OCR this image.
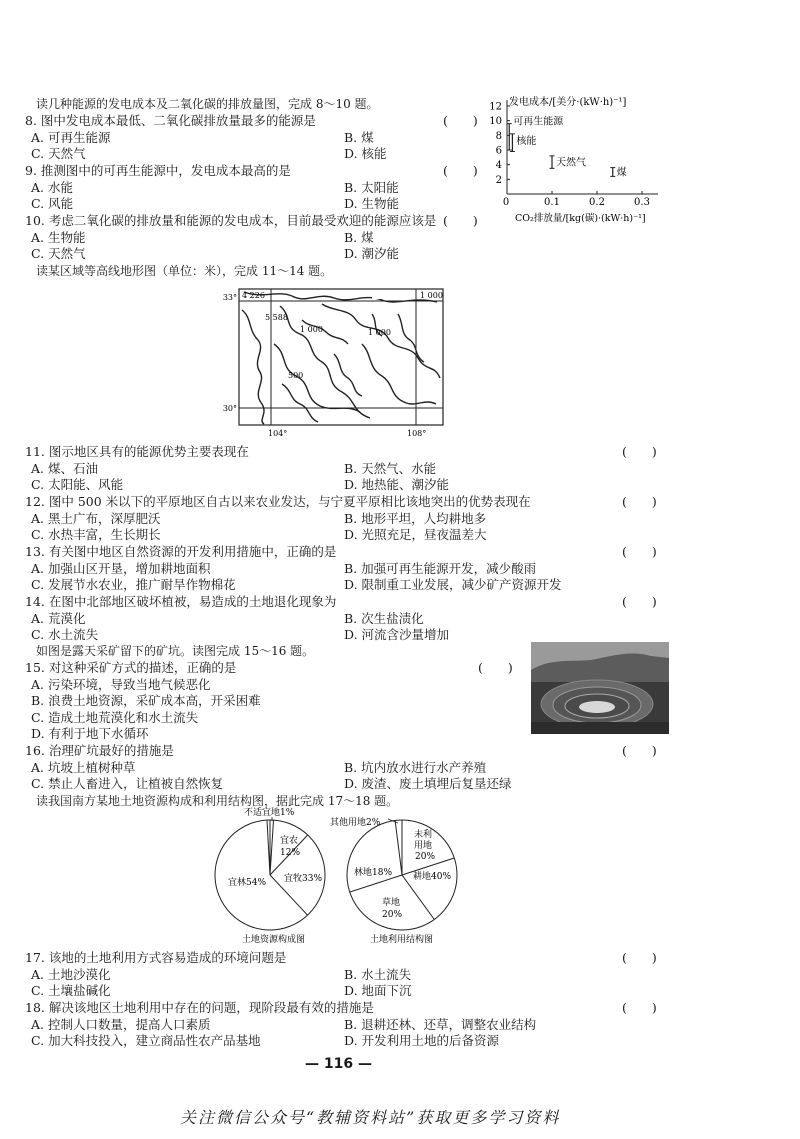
读几种能源的发电成本及二氧化碳的排放量图，完成 8～10 题。
8. 图中发电成本最低、二氧化碳排放量最多的能源是	(　　)
A. 可再生能源	B. 煤
C. 天然气	D. 核能
9. 推测图中的可再生能源中，发电成本最高的是	(　　)
A. 水能	B. 太阳能
C. 风能	D. 生物能
10. 考虑二氧化碳的排放量和能源的发电成本，目前最受欢迎的能源应该是 (　　)
A. 生物能	B. 煤
C. 天然气	D. 潮汐能
2
4
6
8
10
12
0	0.1	0.2	0.3
可再生能源
核能
天然气
煤
发电成本/[美分·(kW·h)⁻¹]
CO₂排放量/[kg(碳)·(kW·h)⁻¹]
读某区域等高线地形图（单位：米），完成 11～14 题。
33°
30°
104°	108°
4 226
5 588
1 000
1 000
1 000
500
11. 图示地区具有的能源优势主要表现在	(　　)
A. 煤、石油	B. 天然气、水能
C. 太阳能、风能	D. 地热能、潮汐能
12. 图中 500 米以下的平原地区自古以来农业发达，与宁夏平原相比该地突出的优势表现在	(　　)
A. 黑土广布，深厚肥沃	B. 地形平坦，人均耕地多
C. 水热丰富，生长期长	D. 光照充足，昼夜温差大
13. 有关图中地区自然资源的开发利用措施中，正确的是	(　　)
A. 加强山区开垦，增加耕地面积	B. 加强可再生能源开发，减少酸雨
C. 发展节水农业，推广耐旱作物棉花	D. 限制重工业发展，减少矿产资源开发
14. 在图中北部地区破坏植被，易造成的土地退化现象为	(　　)
A. 荒漠化	B. 次生盐渍化
C. 水土流失	D. 河流含沙量增加
如图是露天采矿留下的矿坑。读图完成 15～16 题。
15. 对这种采矿方式的描述，正确的是	(　　)
A. 污染环境，导致当地气候恶化
B. 浪费土地资源，采矿成本高，开采困难
C. 造成土地荒漠化和水土流失
D. 有利于地下水循环
16. 治理矿坑最好的措施是	(　　)
A. 坑坡上植树种草	B. 坑内放水进行水产养殖
C. 禁止人畜进入，让植被自然恢复	D. 废渣、废土填埋后复垦还绿
读我国南方某地土地资源构成和利用结构图，据此完成 17～18 题。
不适宜地1%
宜农
12%
宜牧33%
宜林54%
土地资源构成图
其他用地2%
未利
用地
20%
耕地40%
林地18%
草地
20%
土地利用结构图
17. 该地的土地利用方式容易造成的环境问题是	(　　)
A. 土地沙漠化	B. 水土流失
C. 土壤盐碱化	D. 地面下沉
18. 解决该地区土地利用中存在的问题，现阶段最有效的措施是	(　　)
A. 控制人口数量，提高人口素质	B. 退耕还林、还草，调整农业结构
C. 加大科技投入，建立商品性农产品基地	D. 开发利用土地的后备资源
— 116 —
关注微信公众号“教辅资料站”获取更多学习资料
